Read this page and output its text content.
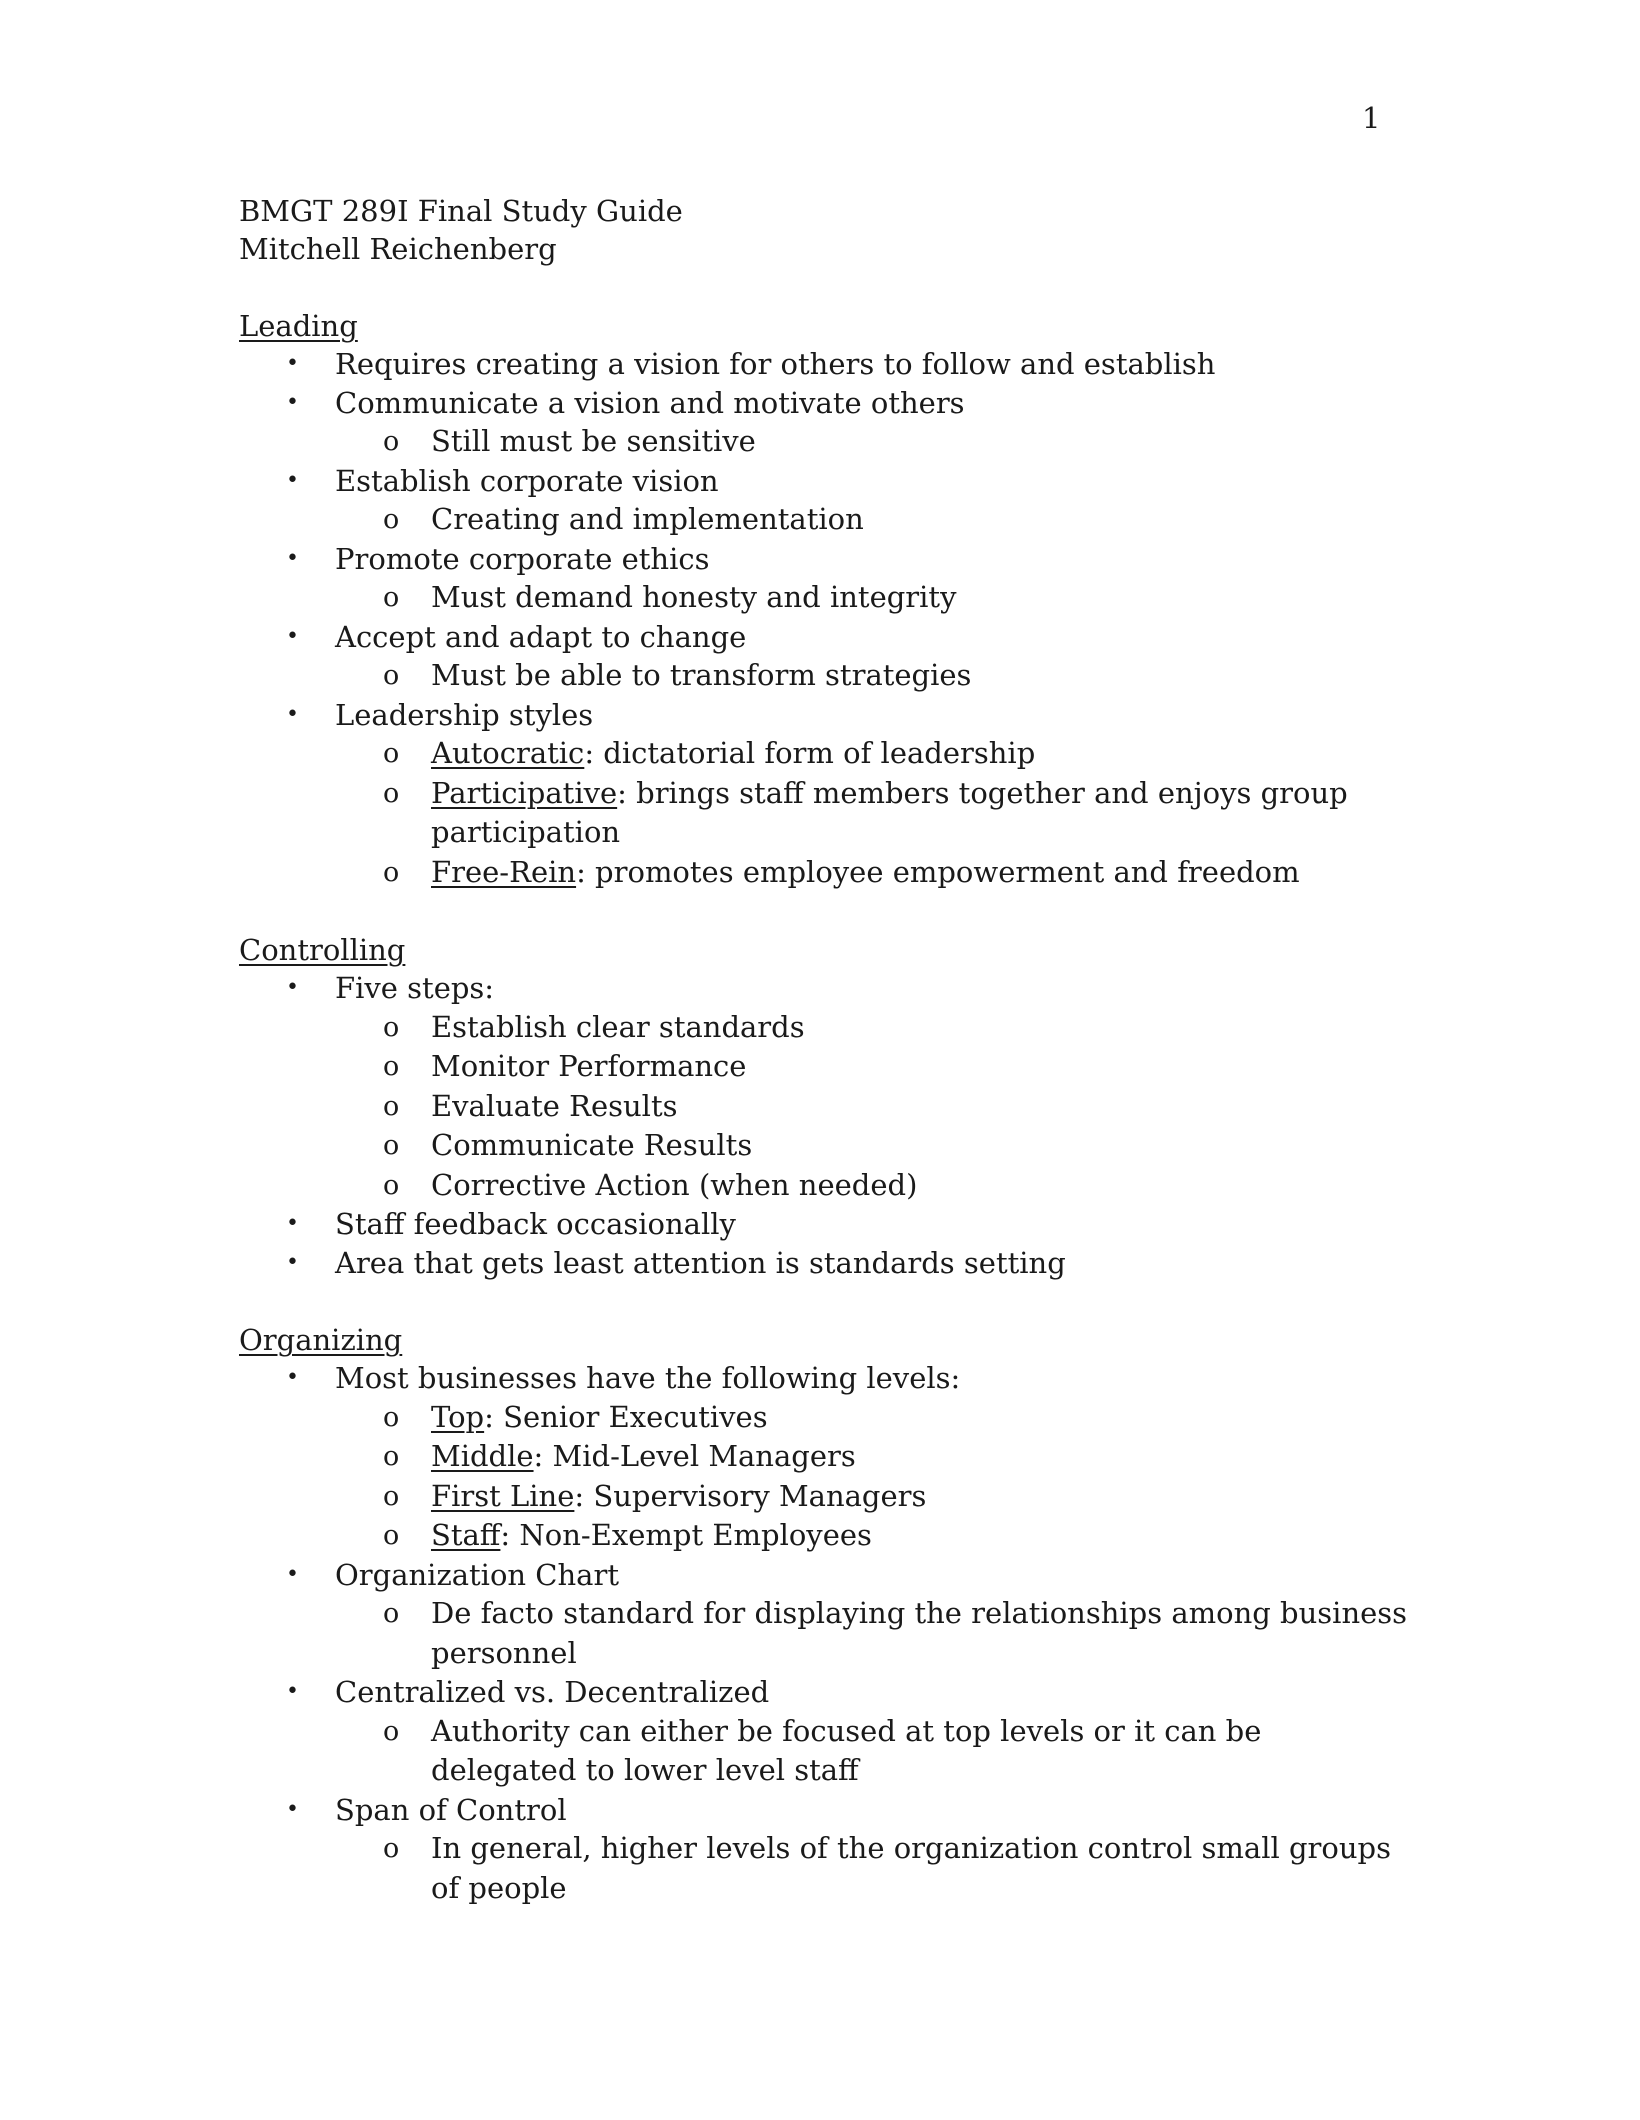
1
BMGT 289I Final Study Guide
Mitchell Reichenberg
Leading
• Requires creating a vision for others to follow and establish
• Communicate a vision and motivate others
o Still must be sensitive
• Establish corporate vision
o Creating and implementation
• Promote corporate ethics
o Must demand honesty and integrity
• Accept and adapt to change
o Must be able to transform strategies
• Leadership styles
o Autocratic: dictatorial form of leadership
o Participative: brings staff members together and enjoys group participation
o Free-Rein: promotes employee empowerment and freedom
Controlling
• Five steps:
o Establish clear standards
o Monitor Performance
o Evaluate Results
o Communicate Results
o Corrective Action (when needed)
• Staff feedback occasionally
• Area that gets least attention is standards setting
Organizing
• Most businesses have the following levels:
o Top: Senior Executives
o Middle: Mid-Level Managers
o First Line: Supervisory Managers
o Staff: Non-Exempt Employees
• Organization Chart
o De facto standard for displaying the relationships among business personnel
• Centralized vs. Decentralized
o Authority can either be focused at top levels or it can be delegated to lower level staff
• Span of Control
o In general, higher levels of the organization control small groups of people
